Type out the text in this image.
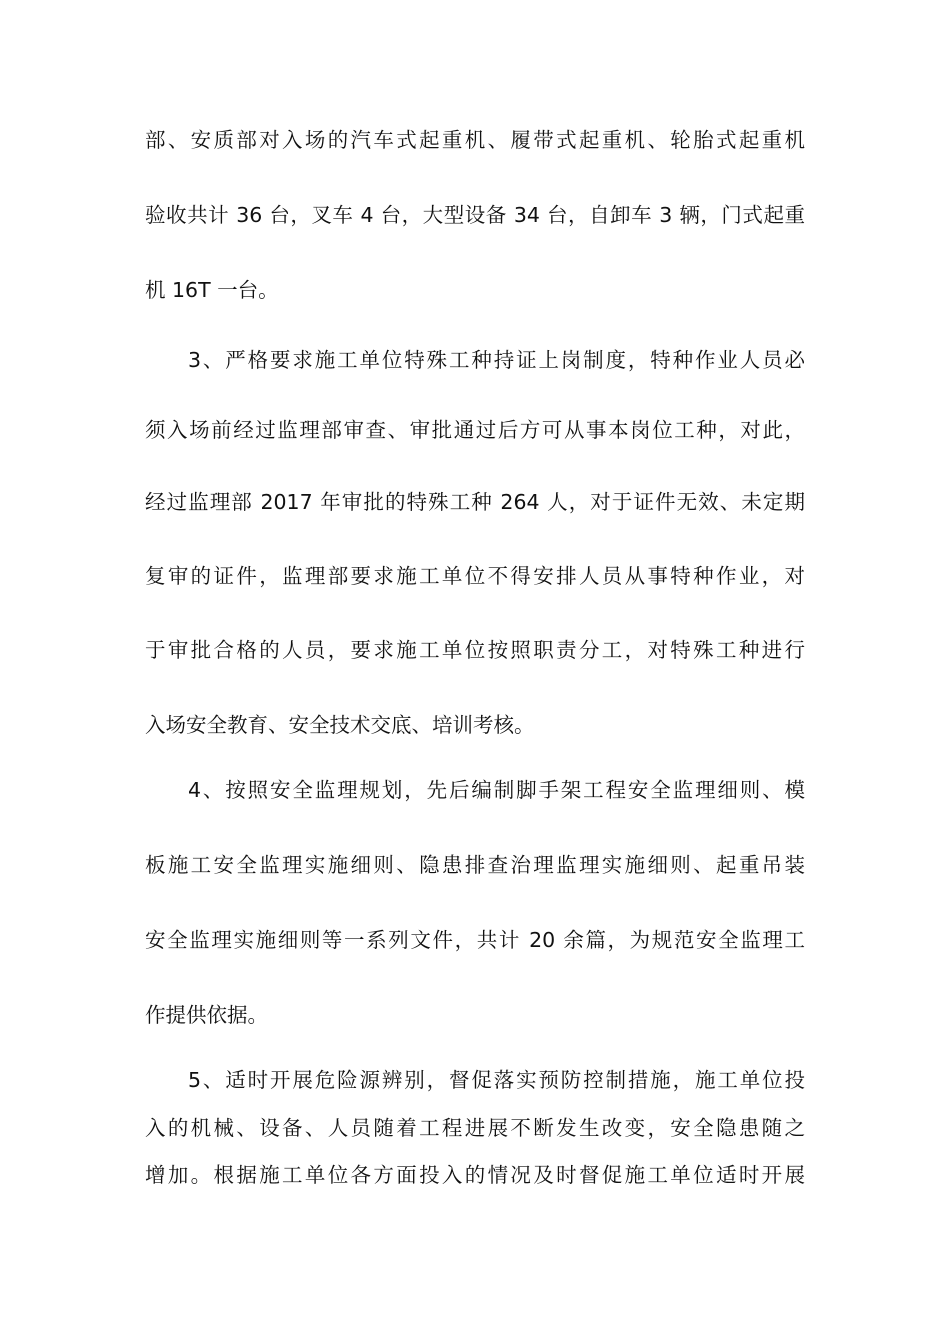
部、安质部对入场的汽车式起重机、履带式起重机、轮胎式起重机
验收共计 36 台，叉车 4 台，大型设备 34 台，自卸车 3 辆，门式起重
机 16T 一台。
3、严格要求施工单位特殊工种持证上岗制度，特种作业人员必
须入场前经过监理部审查、审批通过后方可从事本岗位工种，对此，
经过监理部 2017 年审批的特殊工种 264 人，对于证件无效、未定期
复审的证件，监理部要求施工单位不得安排人员从事特种作业，对
于审批合格的人员，要求施工单位按照职责分工，对特殊工种进行
入场安全教育、安全技术交底、培训考核。
4、按照安全监理规划，先后编制脚手架工程安全监理细则、模
板施工安全监理实施细则、隐患排查治理监理实施细则、起重吊装
安全监理实施细则等一系列文件，共计 20 余篇，为规范安全监理工
作提供依据。
5、适时开展危险源辨别，督促落实预防控制措施，施工单位投
入的机械、设备、人员随着工程进展不断发生改变，安全隐患随之
增加。根据施工单位各方面投入的情况及时督促施工单位适时开展
